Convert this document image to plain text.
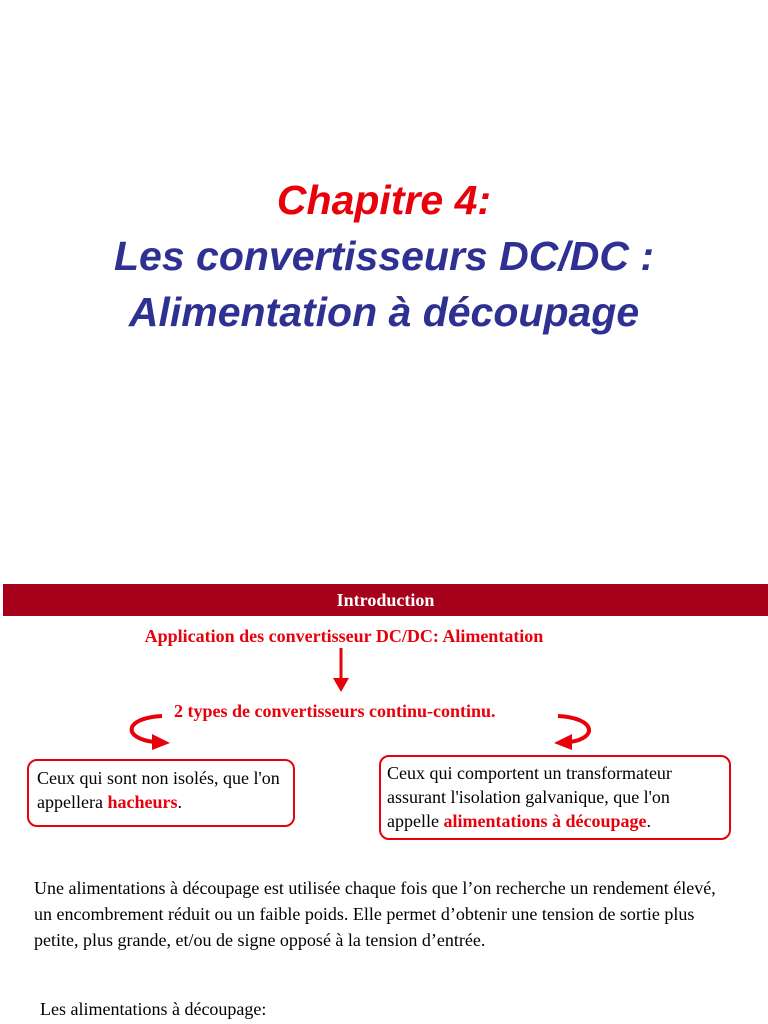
Chapitre 4:
Les convertisseurs DC/DC :
Alimentation à découpage
Introduction
Application des convertisseur DC/DC: Alimentation
2 types de convertisseurs continu-continu.
Ceux qui sont non isolés, que l'on appellera hacheurs.
Ceux qui comportent un transformateur assurant l'isolation galvanique, que l'on appelle alimentations à découpage.
Une alimentations à découpage est utilisée chaque fois que l’on recherche un rendement élevé, un encombrement réduit ou un faible poids. Elle permet d’obtenir une tension de sortie plus petite, plus grande, et/ou de signe opposé à la tension d’entrée.
Les alimentations à découpage:
